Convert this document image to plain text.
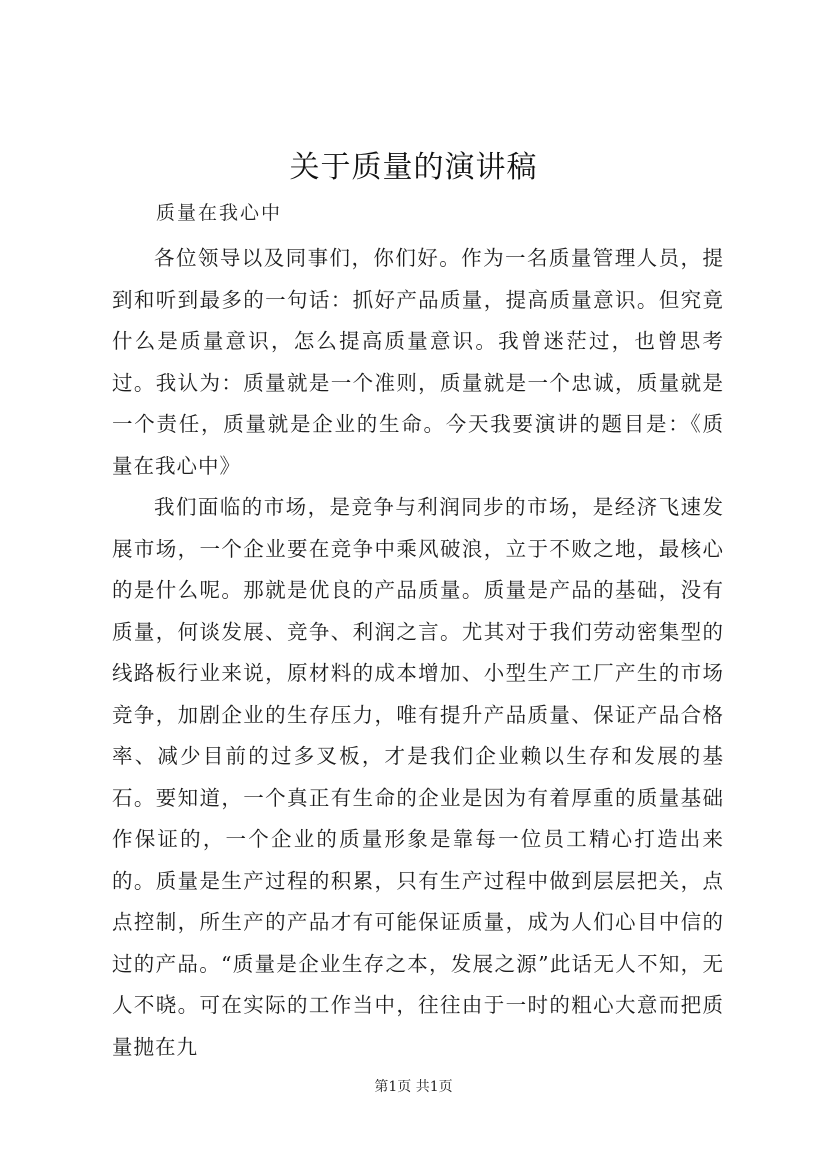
关于质量的演讲稿
质量在我心中

各位领导以及同事们，你们好。作为一名质量管理人员，提到和听到最多的一句话：抓好产品质量，提高质量意识。但究竟什么是质量意识，怎么提高质量意识。我曾迷茫过，也曾思考过。我认为：质量就是一个准则，质量就是一个忠诚，质量就是一个责任，质量就是企业的生命。今天我要演讲的题目是：《质量在我心中》

我们面临的市场，是竞争与利润同步的市场，是经济飞速发展市场，一个企业要在竞争中乘风破浪，立于不败之地，最核心的是什么呢。那就是优良的产品质量。质量是产品的基础，没有质量，何谈发展、竞争、利润之言。尤其对于我们劳动密集型的线路板行业来说，原材料的成本增加、小型生产工厂产生的市场竞争，加剧企业的生存压力，唯有提升产品质量、保证产品合格率、减少目前的过多叉板，才是我们企业赖以生存和发展的基石。要知道，一个真正有生命的企业是因为有着厚重的质量基础作保证的，一个企业的质量形象是靠每一位员工精心打造出来的。质量是生产过程的积累，只有生产过程中做到层层把关，点点控制，所生产的产品才有可能保证质量，成为人们心目中信的过的产品。“质量是企业生存之本，发展之源”此话无人不知，无人不晓。可在实际的工作当中，往往由于一时的粗心大意而把质量抛在九

第1页 共1页
